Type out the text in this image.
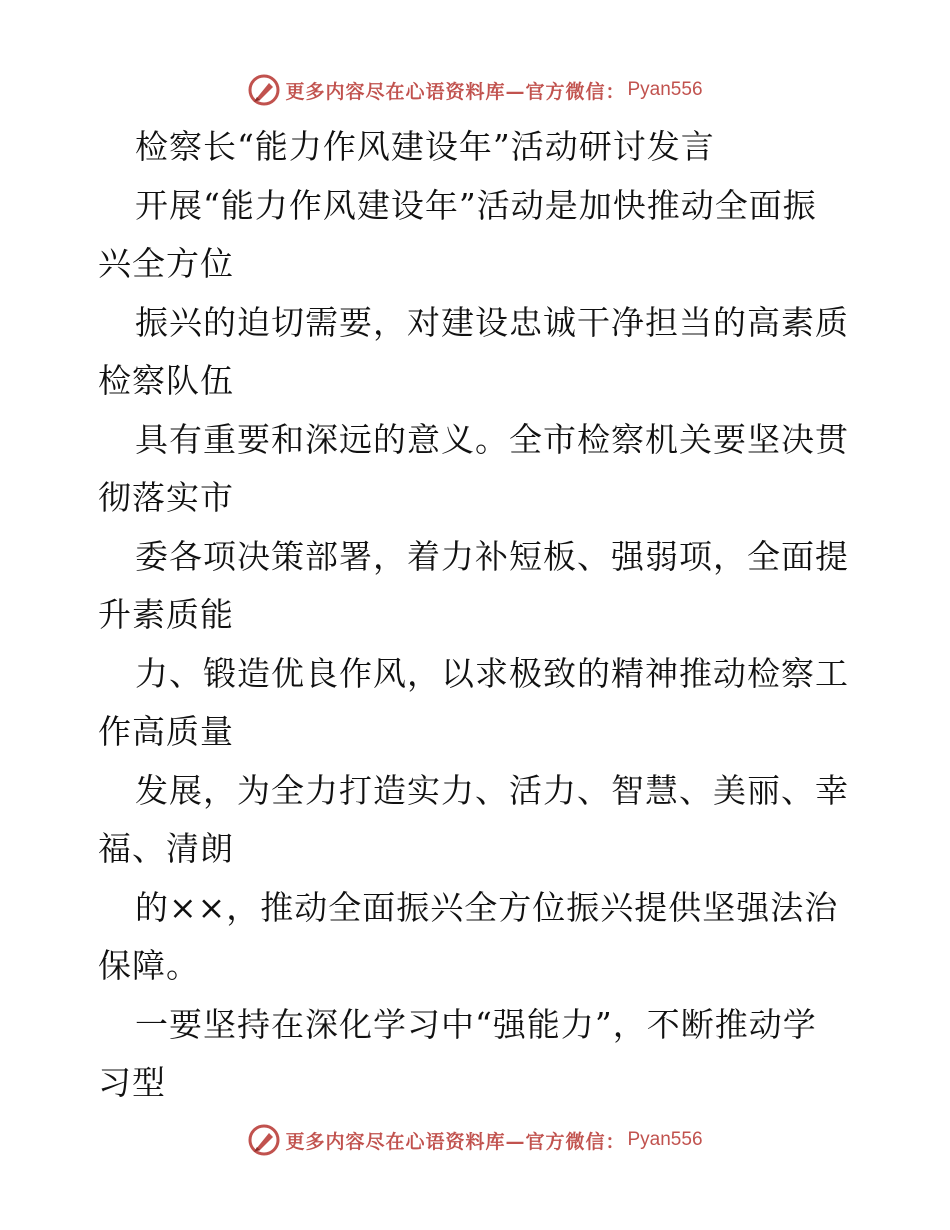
更多内容尽在心语资料库—官方微信： Pyan556
检察长“能力作风建设年”活动研讨发言
开展“能力作风建设年”活动是加快推动全面振
兴全方位
振兴的迫切需要，对建设忠诚干净担当的高素质
检察队伍
具有重要和深远的意义。全市检察机关要坚决贯
彻落实市
委各项决策部署，着力补短板、强弱项，全面提
升素质能
力、锻造优良作风，以求极致的精神推动检察工
作高质量
发展，为全力打造实力、活力、智慧、美丽、幸
福、清朗
的××，推动全面振兴全方位振兴提供坚强法治
保障。
一要坚持在深化学习中“强能力”，不断推动学
习型
更多内容尽在心语资料库—官方微信： Pyan556
